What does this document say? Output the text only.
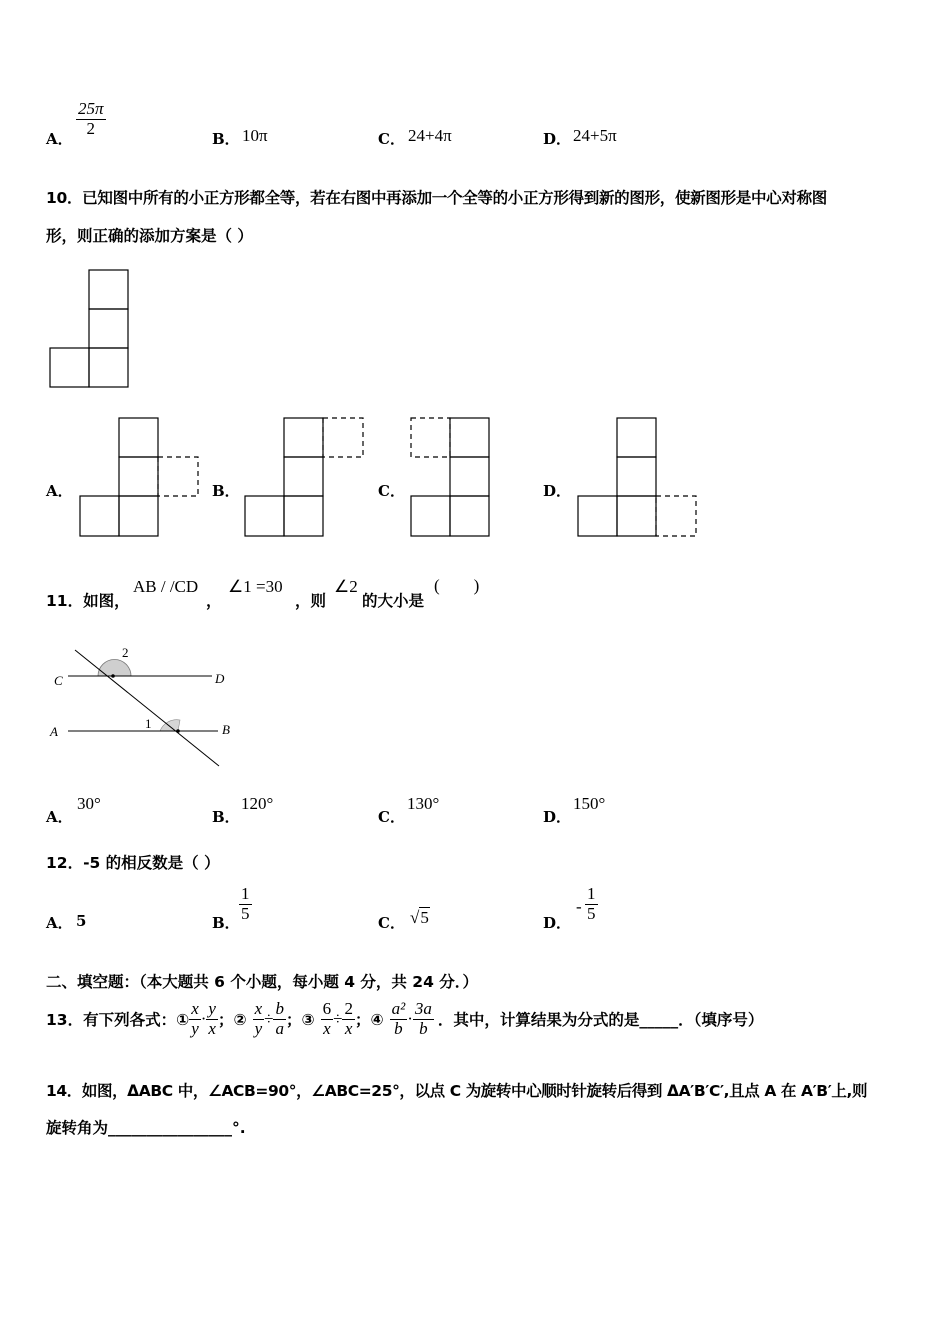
A．
$\frac{25\pi}{2}$
B． 10π	C． 24+4π	D． 24+5π
10．已知图中所有的小正方形都全等，若在右图中再添加一个全等的小正方形得到新的图形，使新图形是中心对称图
形，则正确的添加方案是（ ）
A．	B．	C．	D．
11．如图，
AB / /CD
，
∠1 =30
，则
∠2
的大小是
(        )
C	D
A	B
2
1
A．
30°
B．
120°
C．
130°
D．
150°
12．-5 的相反数是（ ）
A． 5	B． $\frac{1}{5}$	C． √5	D．
- $\frac{1}{5}$
二、填空题：（本大题共 6 个小题，每小题 4 分，共 24 分．）
13．有下列各式：① $\frac{x}{y} \cdot \frac{y}{x}$ ；② $\frac{x}{y} \div \frac{b}{a}$ ；③ $\frac{6}{x} \div \frac{2}{x}$ ；④ $\frac{\text{a²}}{b} \cdot \frac{3a}{b}$ ．其中，计算结果为分式的是_____．（填序号）
14．如图，ΔABC 中，∠ACB=90°，∠ABC=25°，以点 C 为旋转中心顺时针旋转后得到 ΔA′B′C′,且点 A 在 A′B′上,则
旋转角为________________°.
